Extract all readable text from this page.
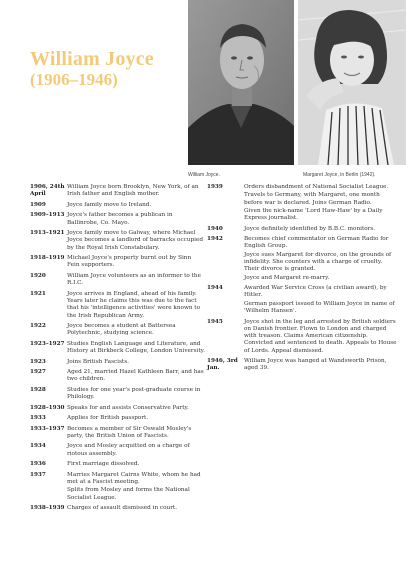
William Joyce
(1906–1946)
William Joyce.	Margaret Joyce, in Berlin (1942).
1906, 24th April

William Joyce born Brooklyn, New York, of an Irish father and English mother.

1909	Joyce family move to Ireland.

1909–1913 Joyce's father becomes a publican in Ballinrobe, Co. Mayo.

1913–1921 Joyce family move to Galway, where Michael Joyce becomes a landlord of barracks occupied by the Royal Irish Constabulary.

1918–1919 Michael Joyce's property burnt out by Sinn Fein supporters.

1920	William Joyce volunteers as an informer to the R.I.C.

1921	Joyce arrives in England, ahead of his family. Years later he claims this was due to the fact that his 'intelligence activities' were known to the Irish Republican Army.

1922	Joyce becomes a student at Battersea Polytechnic, studying science.

1923–1927 Studies English Language and Literature, and History at Birkbeck College, London University.

1923	Joins British Fascists.

1927	Aged 21, married Hazel Kathleen Barr, and has two children.

1928	Studies for one year's post-graduate course in Philology.

1928–1930 Speaks for and assists Conservative Party.

1933	Applies for British passport.

1933–1937 Becomes a member of Sir Oswald Mosley's party, the British Union of Fascists.

1934	Joyce and Mosley acquitted on a charge of riotous assembly.

1936	First marriage dissolved.

1937	Marries Margaret Cairns White, whom he had met at a Fascist meeting.

Splits from Mosley and forms the National Socialist League.

1938–1939 Charges of assault dismissed in court.

1939	Orders disbandment of National Socialist League.

Travels to Germany, with Margaret, one month before war is declared. Joins German Radio.

Given the nick-name 'Lord Haw-Haw' by a Daily Express journalist.

1940	Joyce definitely identified by B.B.C. monitors.

1942	Becomes chief commentator on German Radio for English Group.

Joyce sues Margaret for divorce, on the grounds of infidelity. She counters with a charge of cruelty. Their divorce is granted.

Joyce and Margaret re-marry.

1944	Awarded War Service Cross (a civilian award), by Hitler.

German passport issued to William Joyce in name of 'Wilhelm Hansen'.

1945	Joyce shot in the leg and arrested by British soldiers on Danish frontier. Flown to London and charged with treason. Claims American citizenship. Convicted and sentenced to death. Appeals to House of Lords. Appeal dismissed.

1946, 3rd Jan.

William Joyce was hanged at Wandsworth Prison, aged 39.
